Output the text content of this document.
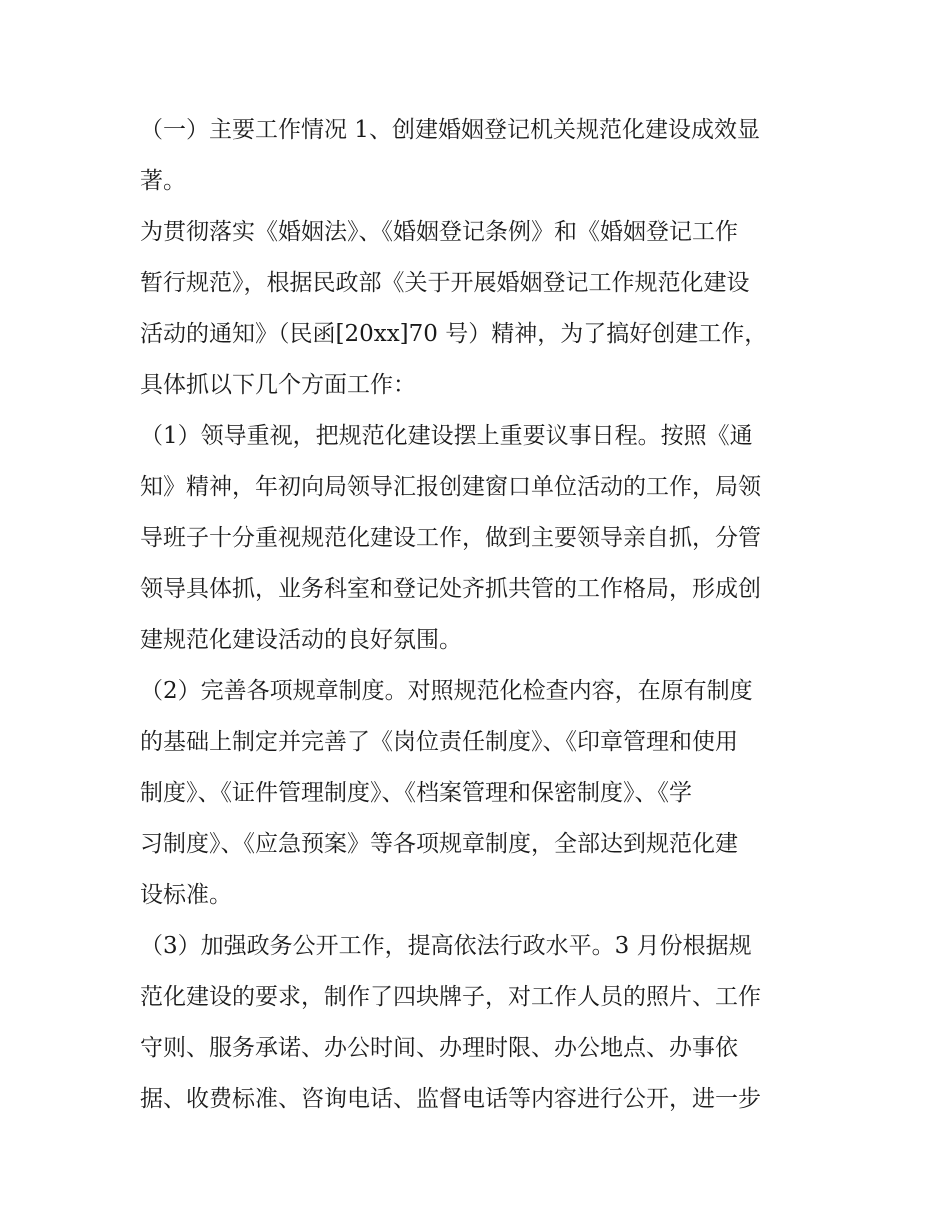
（一）主要工作情况 1、创建婚姻登记机关规范化建设成效显
著。
为贯彻落实《婚姻法》、《婚姻登记条例》和《婚姻登记工作
暂行规范》，根据民政部《关于开展婚姻登记工作规范化建设
活动的通知》（民函[20xx]70 号）精神，为了搞好创建工作，
具体抓以下几个方面工作：
（1）领导重视，把规范化建设摆上重要议事日程。按照《通
知》精神，年初向局领导汇报创建窗口单位活动的工作，局领
导班子十分重视规范化建设工作，做到主要领导亲自抓，分管
领导具体抓，业务科室和登记处齐抓共管的工作格局，形成创
建规范化建设活动的良好氛围。
（2）完善各项规章制度。对照规范化检查内容，在原有制度
的基础上制定并完善了《岗位责任制度》、《印章管理和使用
制度》、《证件管理制度》、《档案管理和保密制度》、《学
习制度》、《应急预案》等各项规章制度，全部达到规范化建
设标准。
（3）加强政务公开工作，提高依法行政水平。3 月份根据规
范化建设的要求，制作了四块牌子，对工作人员的照片、工作
守则、服务承诺、办公时间、办理时限、办公地点、办事依
据、收费标准、咨询电话、监督电话等内容进行公开，进一步
